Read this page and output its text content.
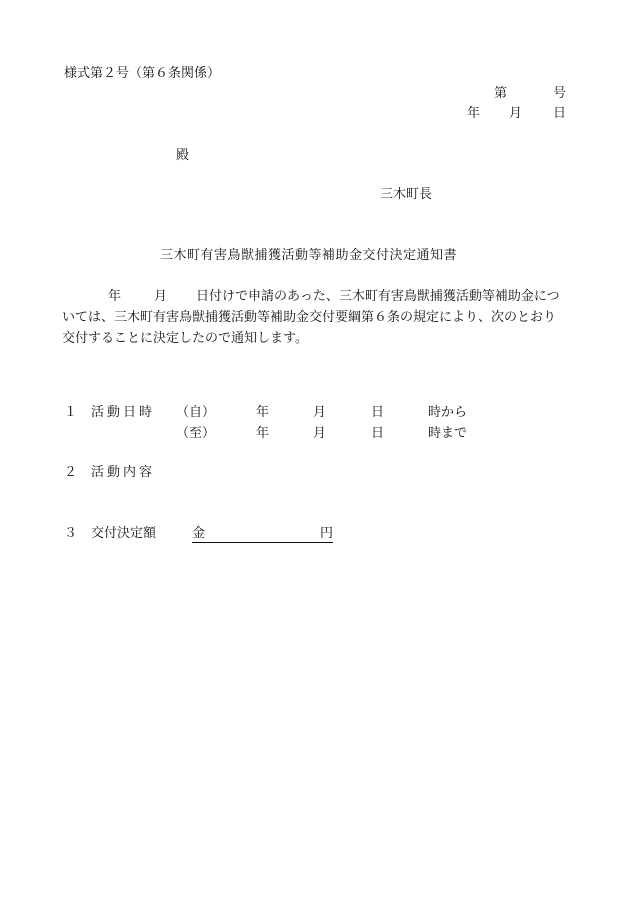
様式第２号（第６条関係）
第	号
年 月 日
殿
三木町長
三木町有害鳥獣捕獲活動等補助金交付決定通知書
年	月 日付けで申請のあった、三木町有害鳥獣捕獲活動等補助金については、三木町有害鳥獣捕獲活動等補助金交付要綱第６条の規定により、次のとおり交付することに決定したので通知します。
１ 活動日時 （自）	年	月	日	時から
（至）	年	月	日	時まで
２ 活動内容
３ 交付決定額	金	円
